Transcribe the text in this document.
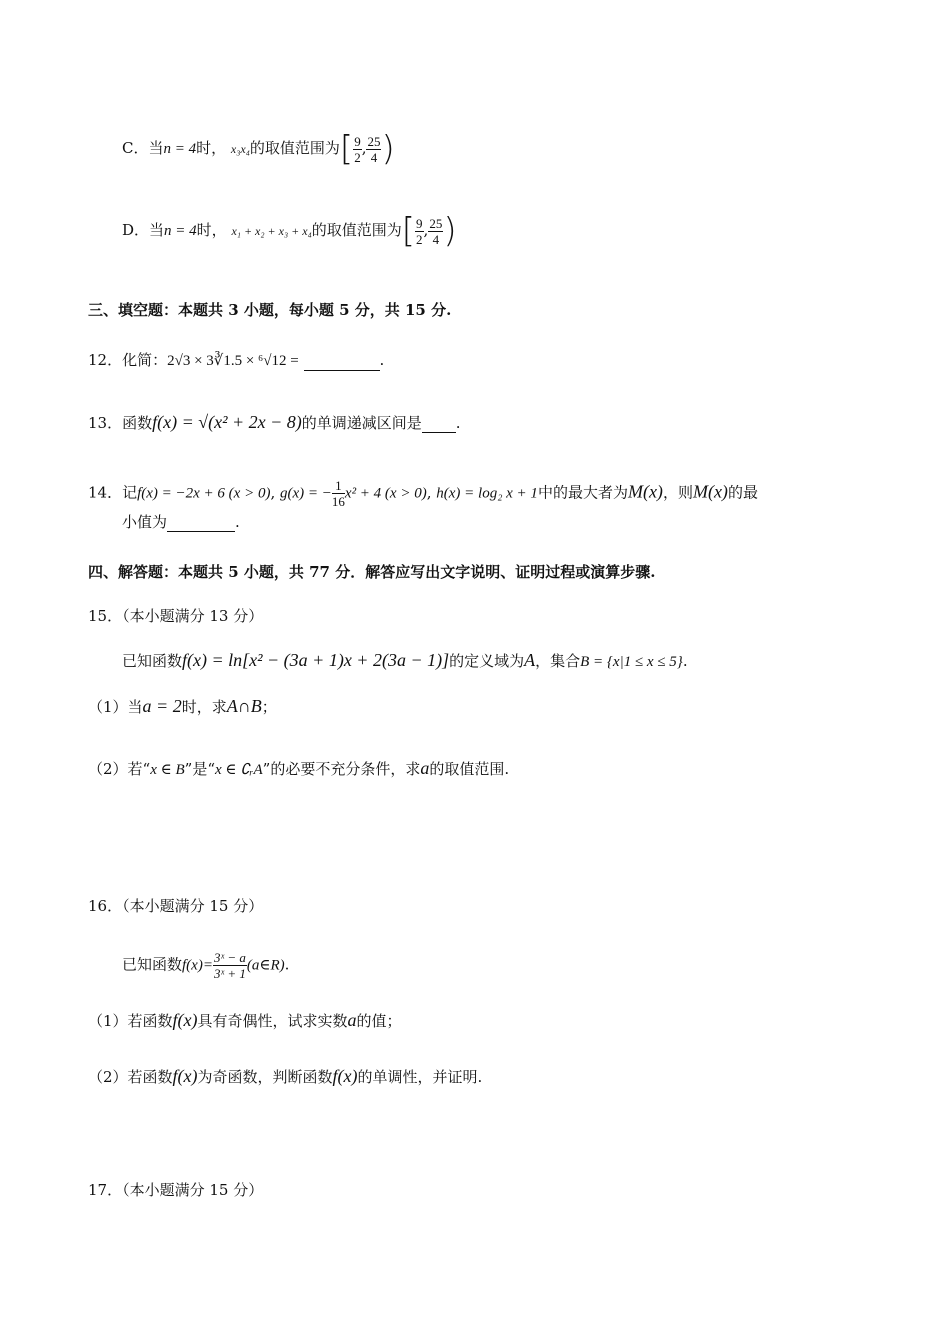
C．当n = 4时， x₃x₄的取值范围为[ $\frac{9}{2}$ , $\frac{25}{4}$ )
D．当n = 4时， x₁ + x₂ + x₃ + x₄的取值范围为[ $\frac{9}{2}$ , $\frac{25}{4}$ )
三、填空题：本题共 3 小题，每小题 5 分，共 15 分.
12．化简：2√3 × 3∛1.5 × ⁶√12 =	.
13．函数f(x) = √(x² + 2x − 8)的单调递减区间是 .
14．记f(x) = −2x + 6 (x > 0), g(x) = − $\frac{1}{16} x^2 + 4$ (x > 0), h(x) = log₂ x + 1中的最大者为M(x)，则M(x)的最
小值为	.
四、解答题：本题共 5 小题，共 77 分．解答应写出文字说明、证明过程或演算步骤.
15．（本小题满分 13 分）
已知函数f(x) = ln[x² − (3a + 1)x + 2(3a − 1)]的定义域为A，集合B = {x|1 ≤ x ≤ 5}.
（1）当a = 2时，求A∩B；
（2）若“x ∈ B”是“x ∈ ∁ᵣA”的必要不充分条件，求a的取值范围.
16．（本小题满分 15 分）
已知函数$f(x)= \frac{\text{3ˣ − a}}{\text{3ˣ + 1}}$ (a∈R).
（1）若函数f(x)具有奇偶性，试求实数a的值；
（2）若函数f(x)为奇函数，判断函数f(x)的单调性，并证明.
17．（本小题满分 15 分）
